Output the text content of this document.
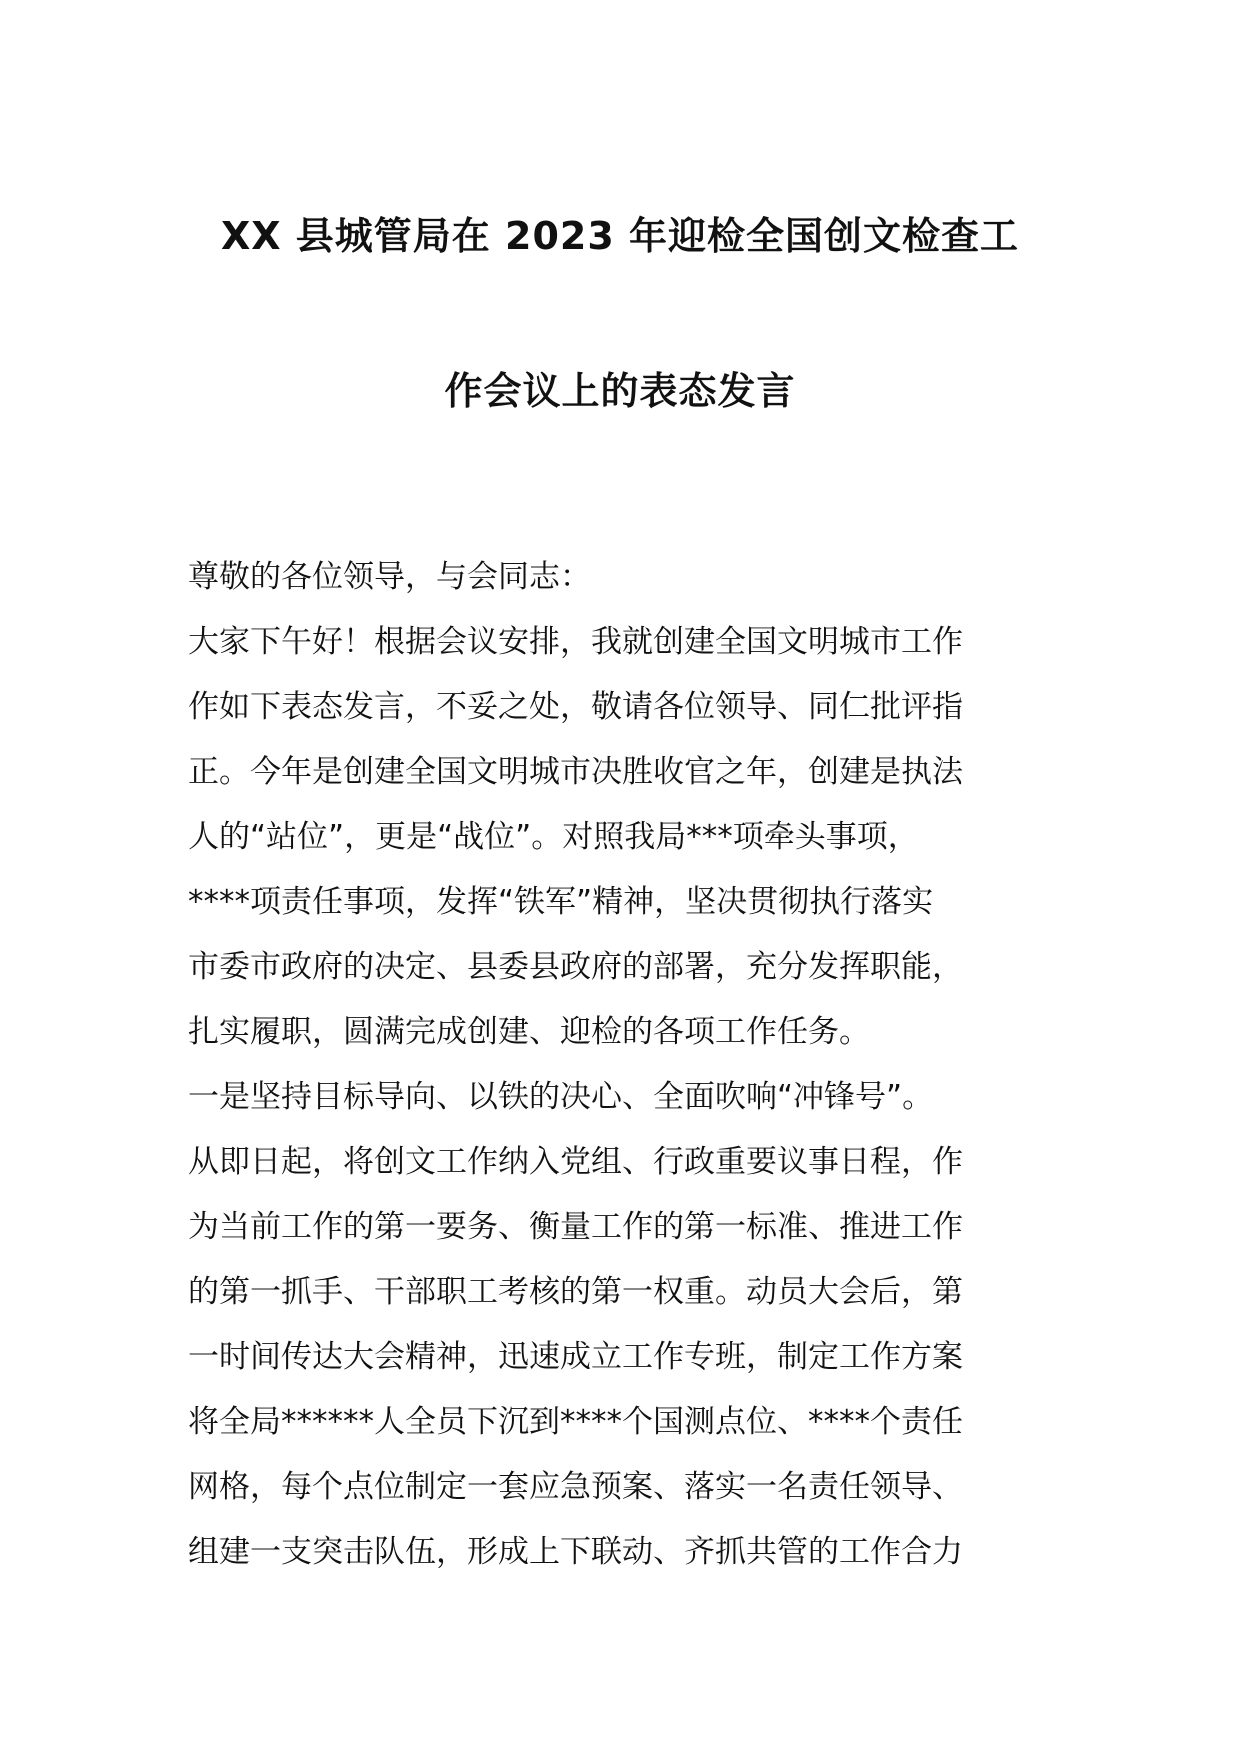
XX 县城管局在 2023 年迎检全国创文检查工
作会议上的表态发言
尊敬的各位领导，与会同志：
大家下午好！根据会议安排，我就创建全国文明城市工作
作如下表态发言，不妥之处，敬请各位领导、同仁批评指
正。今年是创建全国文明城市决胜收官之年，创建是执法
人的“站位”，更是“战位”。对照我局***项牵头事项，
****项责任事项，发挥“铁军”精神，坚决贯彻执行落实
市委市政府的决定、县委县政府的部署，充分发挥职能，
扎实履职，圆满完成创建、迎检的各项工作任务。
一是坚持目标导向、以铁的决心、全面吹响“冲锋号”。
从即日起，将创文工作纳入党组、行政重要议事日程，作
为当前工作的第一要务、衡量工作的第一标准、推进工作
的第一抓手、干部职工考核的第一权重。动员大会后，第
一时间传达大会精神，迅速成立工作专班，制定工作方案
将全局******人全员下沉到****个国测点位、****个责任
网格，每个点位制定一套应急预案、落实一名责任领导、
组建一支突击队伍，形成上下联动、齐抓共管的工作合力
